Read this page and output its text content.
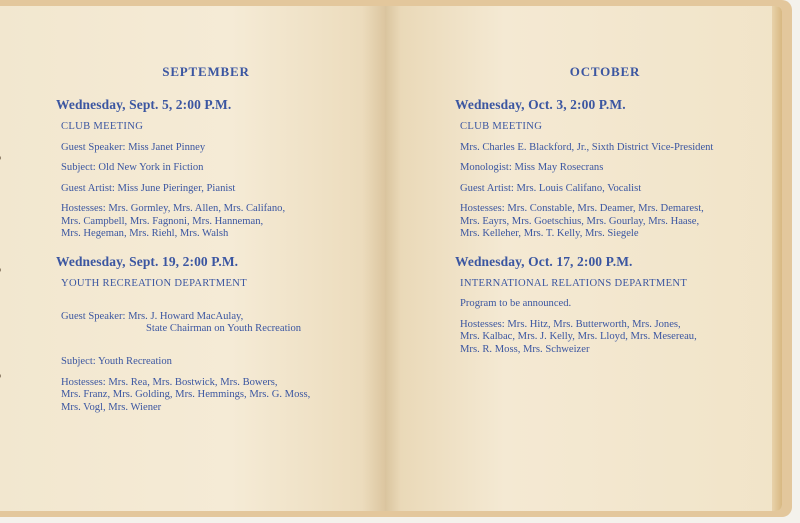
SEPTEMBER
Wednesday, Sept. 5, 2:00 P.M.
CLUB MEETING
Guest Speaker: Miss Janet Pinney
Subject: Old New York in Fiction
Guest Artist: Miss June Pieringer, Pianist
Hostesses: Mrs. Gormley, Mrs. Allen, Mrs. Califano,
Mrs. Campbell, Mrs. Fagnoni, Mrs. Hanneman,
Mrs. Hegeman, Mrs. Riehl, Mrs. Walsh
Wednesday, Sept. 19, 2:00 P.M.
YOUTH RECREATION DEPARTMENT

Guest Speaker: Mrs. J. Howard MacAulay,

State Chairman on Youth Recreation

Subject: Youth Recreation
Hostesses: Mrs. Rea, Mrs. Bostwick, Mrs. Bowers,
Mrs. Franz, Mrs. Golding, Mrs. Hemmings, Mrs. G. Moss,
Mrs. Vogl, Mrs. Wiener
OCTOBER
Wednesday, Oct. 3, 2:00 P.M.
CLUB MEETING
Mrs. Charles E. Blackford, Jr., Sixth District Vice-President
Monologist: Miss May Rosecrans
Guest Artist: Mrs. Louis Califano, Vocalist
Hostesses: Mrs. Constable, Mrs. Deamer, Mrs. Demarest,
Mrs. Eayrs, Mrs. Goetschius, Mrs. Gourlay, Mrs. Haase,
Mrs. Kelleher, Mrs. T. Kelly, Mrs. Siegele
Wednesday, Oct. 17, 2:00 P.M.
INTERNATIONAL RELATIONS DEPARTMENT
Program to be announced.
Hostesses: Mrs. Hitz, Mrs. Butterworth, Mrs. Jones,
Mrs. Kalbac, Mrs. J. Kelly, Mrs. Lloyd, Mrs. Mesereau,
Mrs. R. Moss, Mrs. Schweizer
